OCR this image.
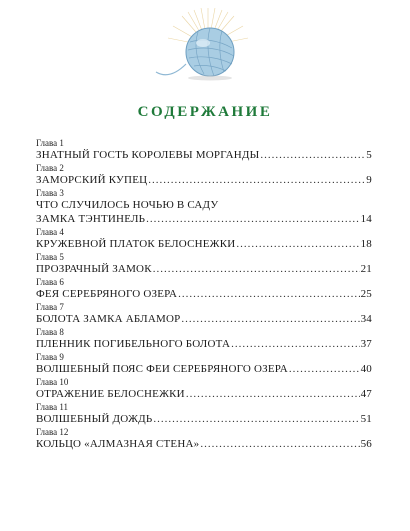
СОДЕРЖАНИЕ
Глава 1
ЗНАТНЫЙ ГОСТЬ КОРОЛЕВЫ МОРГАНДЫ .....	5
Глава 2
ЗАМОРСКИЙ КУПЕЦ .....	9
Глава 3
ЧТО СЛУЧИЛОСЬ НОЧЬЮ В САДУ
ЗАМКА ТЭНТИНЕЛЬ .....	14
Глава 4
КРУЖЕВНОЙ ПЛАТОК БЕЛОСНЕЖКИ .....	18
Глава 5
ПРОЗРАЧНЫЙ ЗАМОК .....	21
Глава 6
ФЕЯ СЕРЕБРЯНОГО ОЗЕРА .....	25
Глава 7
БОЛОТА ЗАМКА АБЛАМОР .....	34
Глава 8
ПЛЕННИК ПОГИБЕЛЬНОГО БОЛОТА .....	37
Глава 9
ВОЛШЕБНЫЙ ПОЯС ФЕИ СЕРЕБРЯНОГО ОЗЕРА .....	40
Глава 10
ОТРАЖЕНИЕ БЕЛОСНЕЖКИ .....	47
Глава 11
ВОЛШЕБНЫЙ ДОЖДЬ .....	51
Глава 12
КОЛЬЦО «АЛМАЗНАЯ СТЕНА» .....	56
